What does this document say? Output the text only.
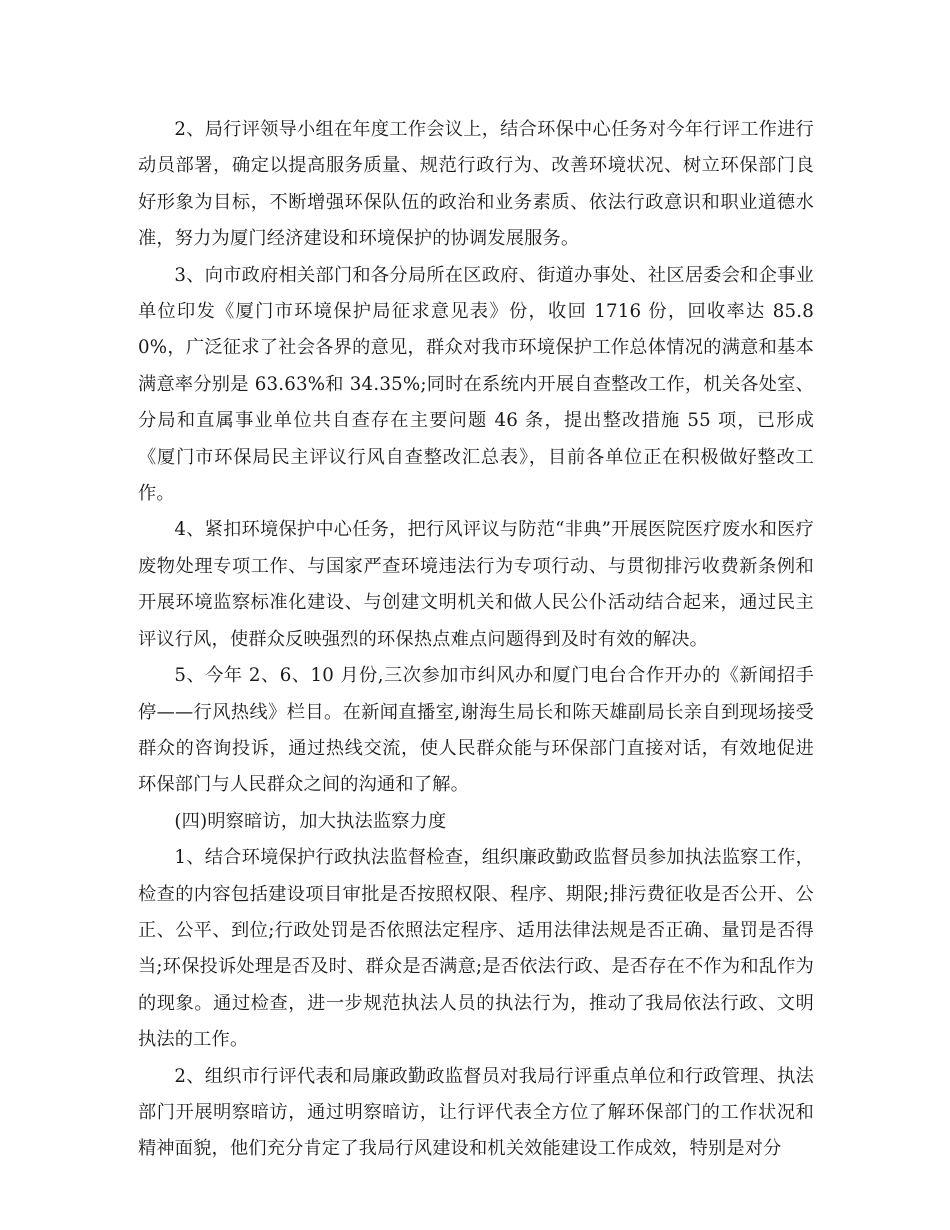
2、局行评领导小组在年度工作会议上，结合环保中心任务对今年行评工作进行动员部署，确定以提高服务质量、规范行政行为、改善环境状况、树立环保部门良好形象为目标，不断增强环保队伍的政治和业务素质、依法行政意识和职业道德水准，努力为厦门经济建设和环境保护的协调发展服务。

3、向市政府相关部门和各分局所在区政府、街道办事处、社区居委会和企事业单位印发《厦门市环境保护局征求意见表》份，收回 1716 份，回收率达 85.80%，广泛征求了社会各界的意见，群众对我市环境保护工作总体情况的满意和基本满意率分别是 63.63%和 34.35%;同时在系统内开展自查整改工作，机关各处室、分局和直属事业单位共自查存在主要问题 46 条，提出整改措施 55 项，已形成《厦门市环保局民主评议行风自查整改汇总表》，目前各单位正在积极做好整改工作。

4、紧扣环境保护中心任务，把行风评议与防范“非典”开展医院医疗废水和医疗废物处理专项工作、与国家严查环境违法行为专项行动、与贯彻排污收费新条例和开展环境监察标准化建设、与创建文明机关和做人民公仆活动结合起来，通过民主评议行风，使群众反映强烈的环保热点难点问题得到及时有效的解决。

5、今年 2、6、10 月份,三次参加市纠风办和厦门电台合作开办的《新闻招手停——行风热线》栏目。在新闻直播室,谢海生局长和陈天雄副局长亲自到现场接受群众的咨询投诉，通过热线交流，使人民群众能与环保部门直接对话，有效地促进环保部门与人民群众之间的沟通和了解。

(四)明察暗访，加大执法监察力度

1、结合环境保护行政执法监督检查，组织廉政勤政监督员参加执法监察工作，检查的内容包括建设项目审批是否按照权限、程序、期限;排污费征收是否公开、公正、公平、到位;行政处罚是否依照法定程序、适用法律法规是否正确、量罚是否得当;环保投诉处理是否及时、群众是否满意;是否依法行政、是否存在不作为和乱作为的现象。通过检查，进一步规范执法人员的执法行为，推动了我局依法行政、文明执法的工作。

2、组织市行评代表和局廉政勤政监督员对我局行评重点单位和行政管理、执法部门开展明察暗访，通过明察暗访，让行评代表全方位了解环保部门的工作状况和精神面貌，他们充分肯定了我局行风建设和机关效能建设工作成效，特别是对分
